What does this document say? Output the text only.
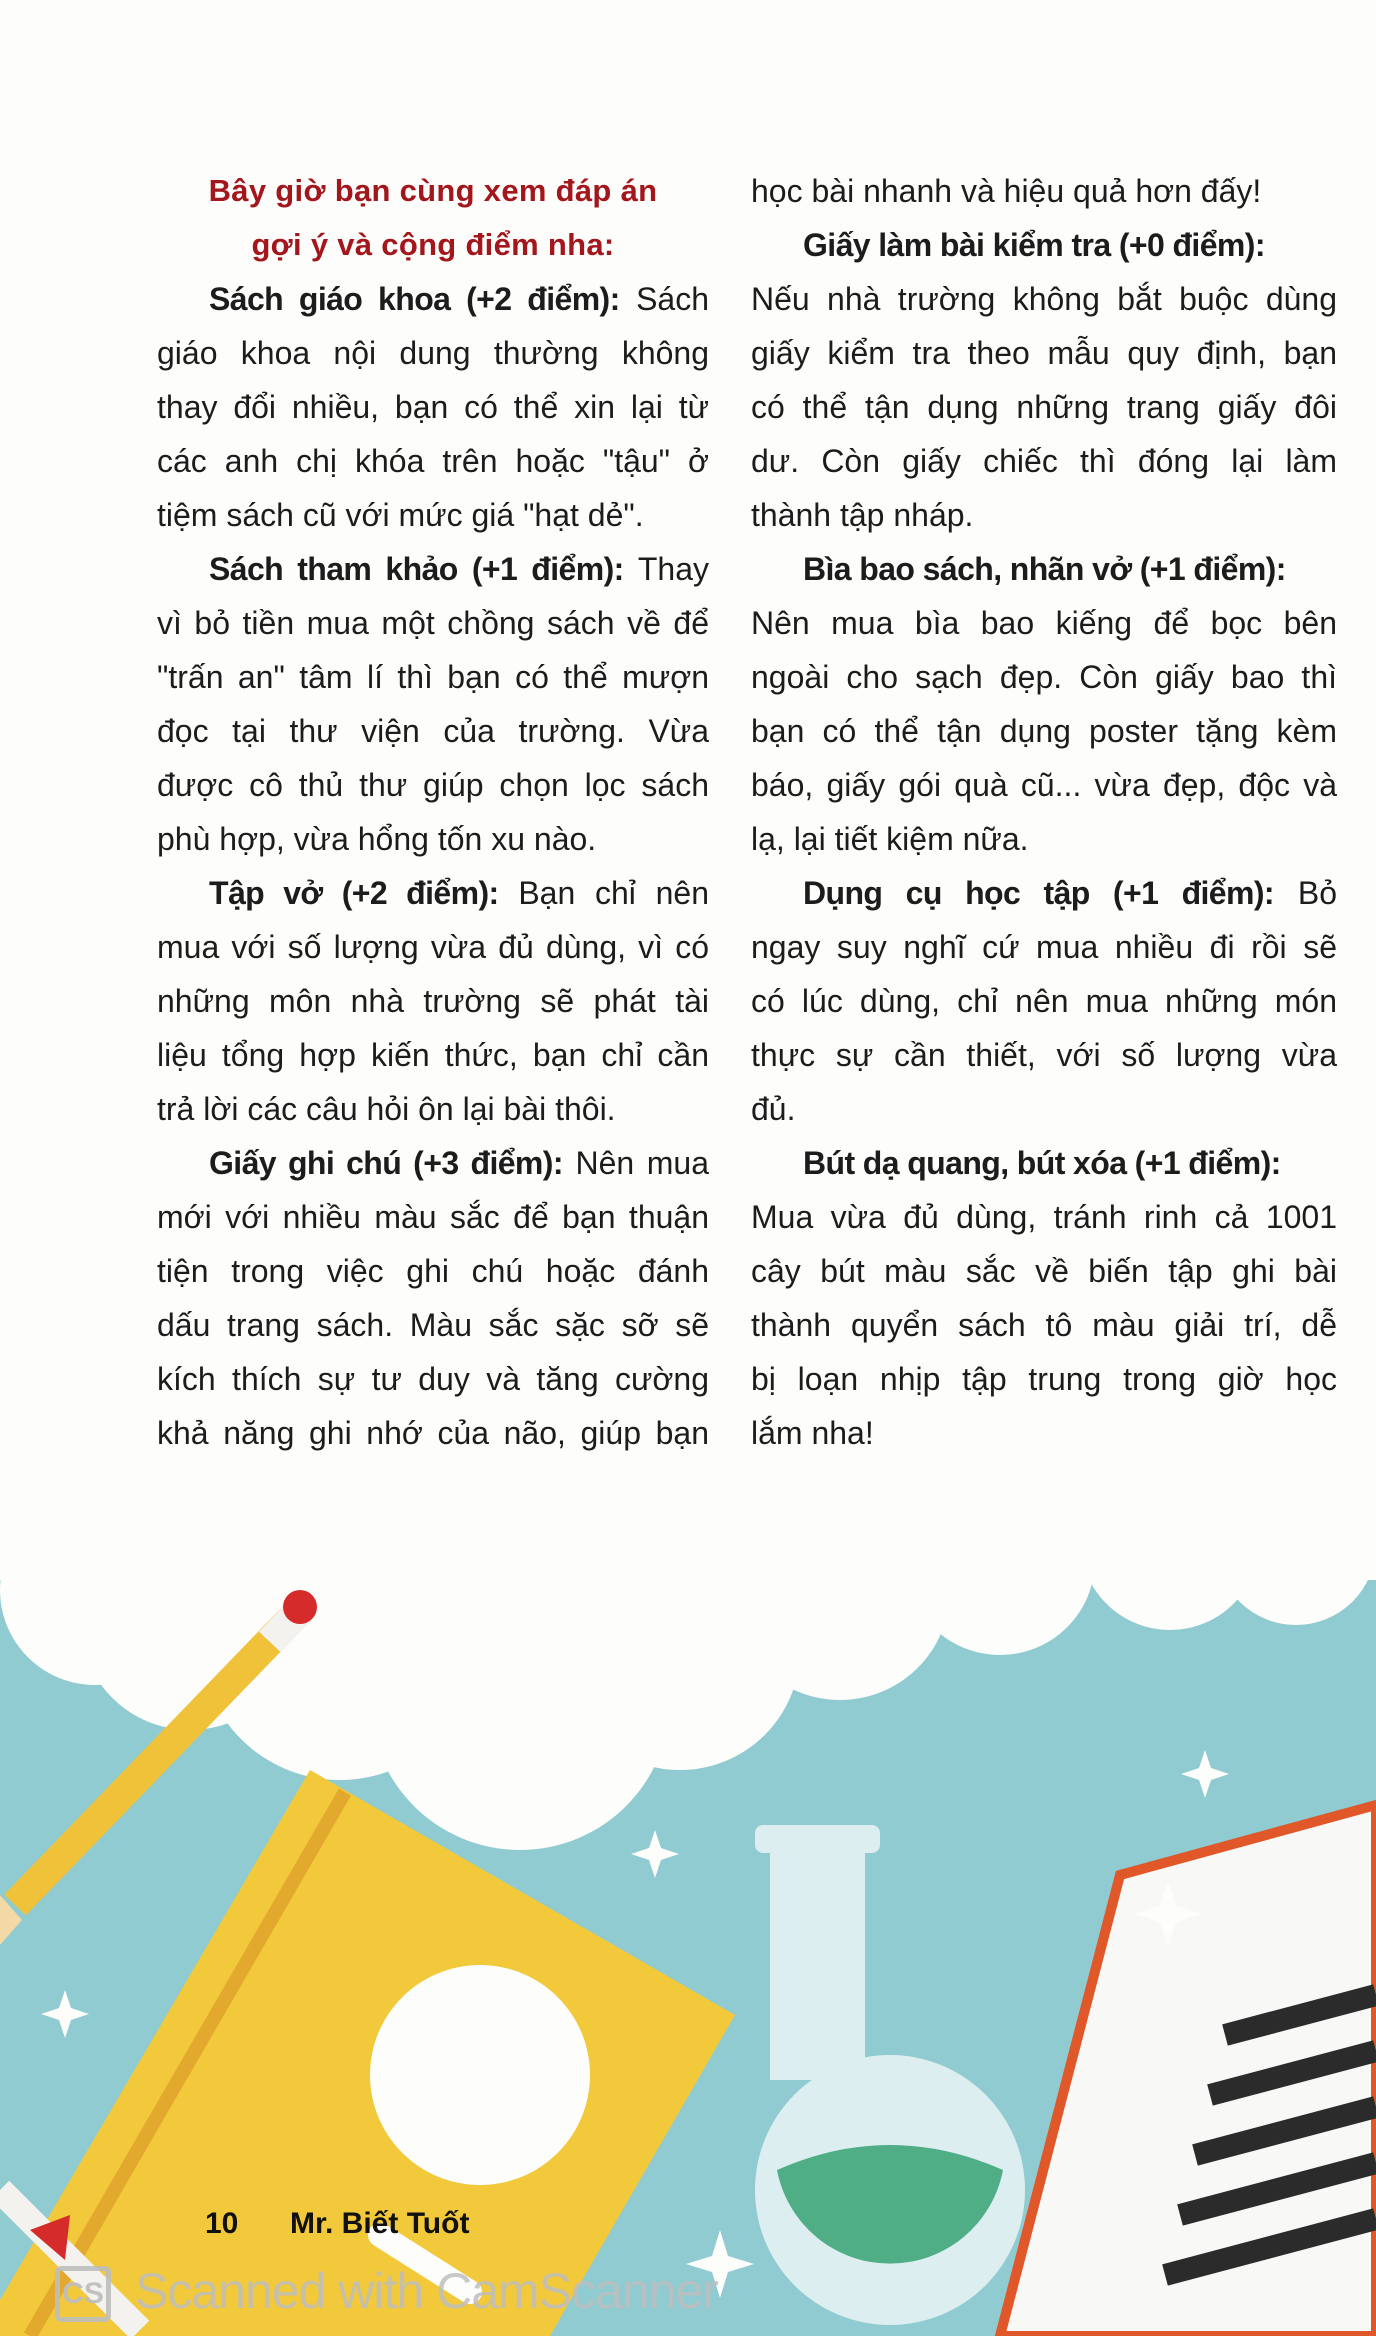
Bây giờ bạn cùng xem đáp án
gợi ý và cộng điểm nha:
Sách giáo khoa (+2 điểm): Sách
giáo khoa nội dung thường không
thay đổi nhiều, bạn có thể xin lại từ
các anh chị khóa trên hoặc "tậu" ở
tiệm sách cũ với mức giá "hạt dẻ".
Sách tham khảo (+1 điểm): Thay
vì bỏ tiền mua một chồng sách về để
"trấn an" tâm lí thì bạn có thể mượn
đọc tại thư viện của trường. Vừa
được cô thủ thư giúp chọn lọc sách
phù hợp, vừa hổng tốn xu nào.
Tập vở (+2 điểm): Bạn chỉ nên
mua với số lượng vừa đủ dùng, vì có
những môn nhà trường sẽ phát tài
liệu tổng hợp kiến thức, bạn chỉ cần
trả lời các câu hỏi ôn lại bài thôi.
Giấy ghi chú (+3 điểm): Nên mua
mới với nhiều màu sắc để bạn thuận
tiện trong việc ghi chú hoặc đánh
dấu trang sách. Màu sắc sặc sỡ sẽ
kích thích sự tư duy và tăng cường
khả năng ghi nhớ của não, giúp bạn
học bài nhanh và hiệu quả hơn đấy!
Giấy làm bài kiểm tra (+0 điểm):
Nếu nhà trường không bắt buộc dùng
giấy kiểm tra theo mẫu quy định, bạn
có thể tận dụng những trang giấy đôi
dư. Còn giấy chiếc thì đóng lại làm
thành tập nháp.
Bìa bao sách, nhãn vở (+1 điểm):
Nên mua bìa bao kiếng để bọc bên
ngoài cho sạch đẹp. Còn giấy bao thì
bạn có thể tận dụng poster tặng kèm
báo, giấy gói quà cũ... vừa đẹp, độc và
lạ, lại tiết kiệm nữa.
Dụng cụ học tập (+1 điểm): Bỏ
ngay suy nghĩ cứ mua nhiều đi rồi sẽ
có lúc dùng, chỉ nên mua những món
thực sự cần thiết, với số lượng vừa
đủ.
Bút dạ quang, bút xóa (+1 điểm):
Mua vừa đủ dùng, tránh rinh cả 1001
cây bút màu sắc về biến tập ghi bài
thành quyển sách tô màu giải trí, dễ
bị loạn nhịp tập trung trong giờ học
lắm nha!
CS Scanned with CamScanner
10 Mr. Biết Tuốt
